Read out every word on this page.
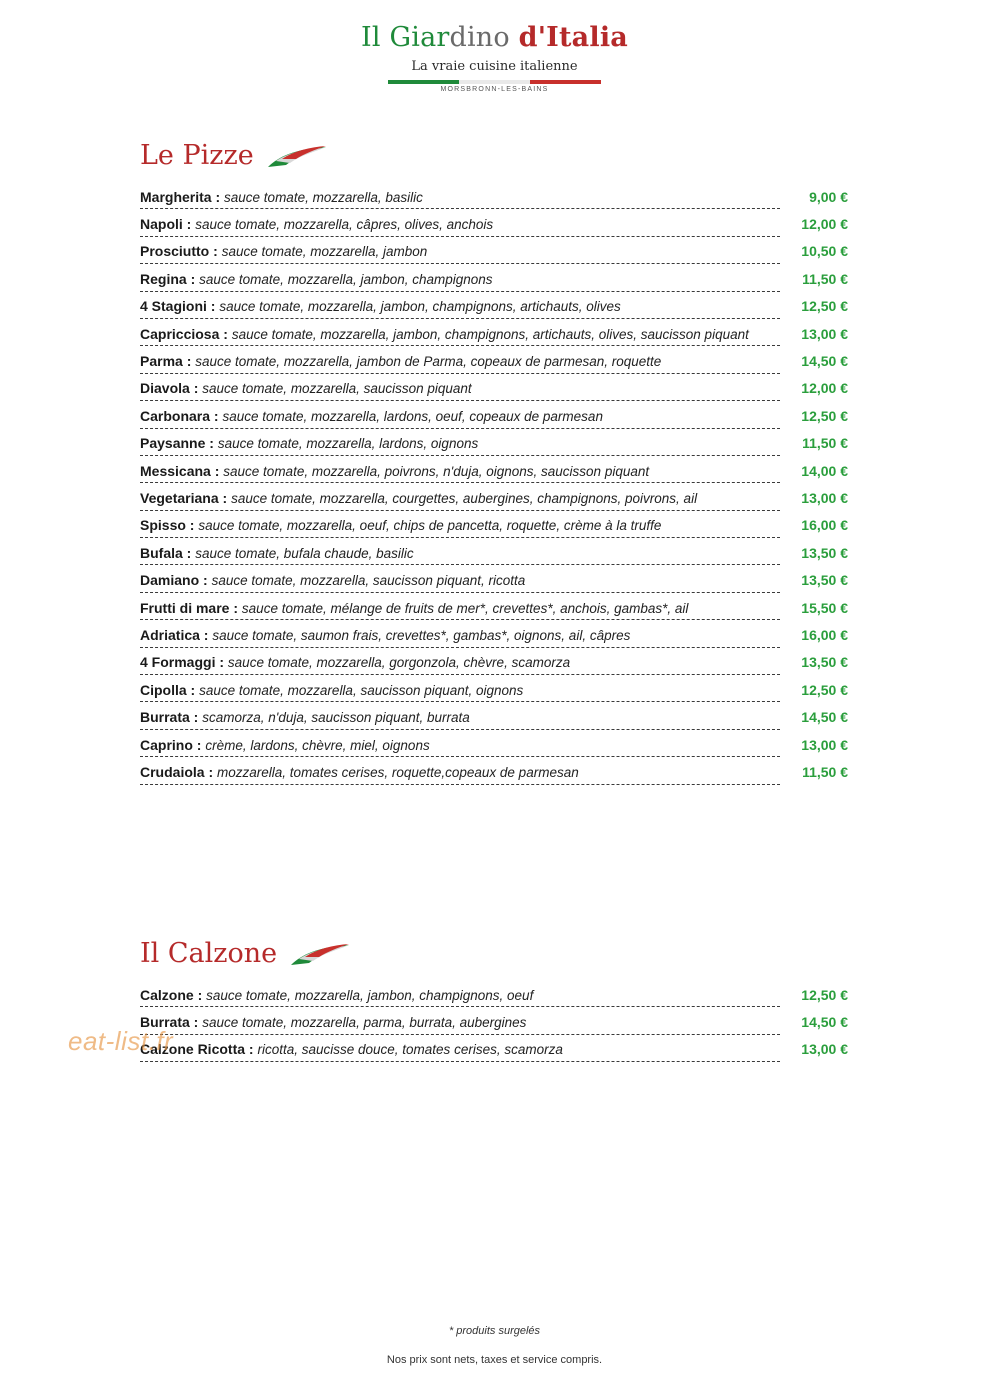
Il Giardino d'Italia
La vraie cuisine italienne
MORSBRONN-LES-BAINS
Le Pizze
Margherita : sauce tomate, mozzarella, basilic	9,00 €
Napoli : sauce tomate, mozzarella, câpres, olives, anchois	12,00 €
Prosciutto : sauce tomate, mozzarella, jambon	10,50 €
Regina : sauce tomate, mozzarella, jambon, champignons	11,50 €
4 Stagioni : sauce tomate, mozzarella, jambon, champignons, artichauts, olives	12,50 €
Capricciosa : sauce tomate, mozzarella, jambon, champignons, artichauts, olives, saucisson piquant	13,00 €
Parma : sauce tomate, mozzarella, jambon de Parma, copeaux de parmesan, roquette	14,50 €
Diavola : sauce tomate, mozzarella, saucisson piquant	12,00 €
Carbonara : sauce tomate, mozzarella, lardons, oeuf, copeaux de parmesan	12,50 €
Paysanne : sauce tomate, mozzarella, lardons, oignons	11,50 €
Messicana : sauce tomate, mozzarella, poivrons, n'duja, oignons, saucisson piquant	14,00 €
Vegetariana : sauce tomate, mozzarella, courgettes, aubergines, champignons, poivrons, ail	13,00 €
Spisso : sauce tomate, mozzarella, oeuf, chips de pancetta, roquette, crème à la truffe	16,00 €
Bufala : sauce tomate, bufala chaude, basilic	13,50 €
Damiano : sauce tomate, mozzarella, saucisson piquant, ricotta	13,50 €
Frutti di mare : sauce tomate, mélange de fruits de mer*, crevettes*, anchois, gambas*, ail	15,50 €
Adriatica : sauce tomate, saumon frais, crevettes*, gambas*, oignons, ail, câpres	16,00 €
4 Formaggi : sauce tomate, mozzarella, gorgonzola, chèvre, scamorza	13,50 €
Cipolla : sauce tomate, mozzarella, saucisson piquant, oignons	12,50 €
Burrata : scamorza, n'duja, saucisson piquant, burrata	14,50 €
Caprino : crème, lardons, chèvre, miel, oignons	13,00 €
Crudaiola : mozzarella, tomates cerises, roquette,copeaux de parmesan	11,50 €
Il Calzone
Calzone : sauce tomate, mozzarella, jambon, champignons, oeuf	12,50 €
Burrata : sauce tomate, mozzarella, parma, burrata, aubergines	14,50 €
Calzone Ricotta : ricotta, saucisse douce, tomates cerises, scamorza	13,00 €
eat-list.fr
* produits surgelés
Nos prix sont nets, taxes et service compris.
